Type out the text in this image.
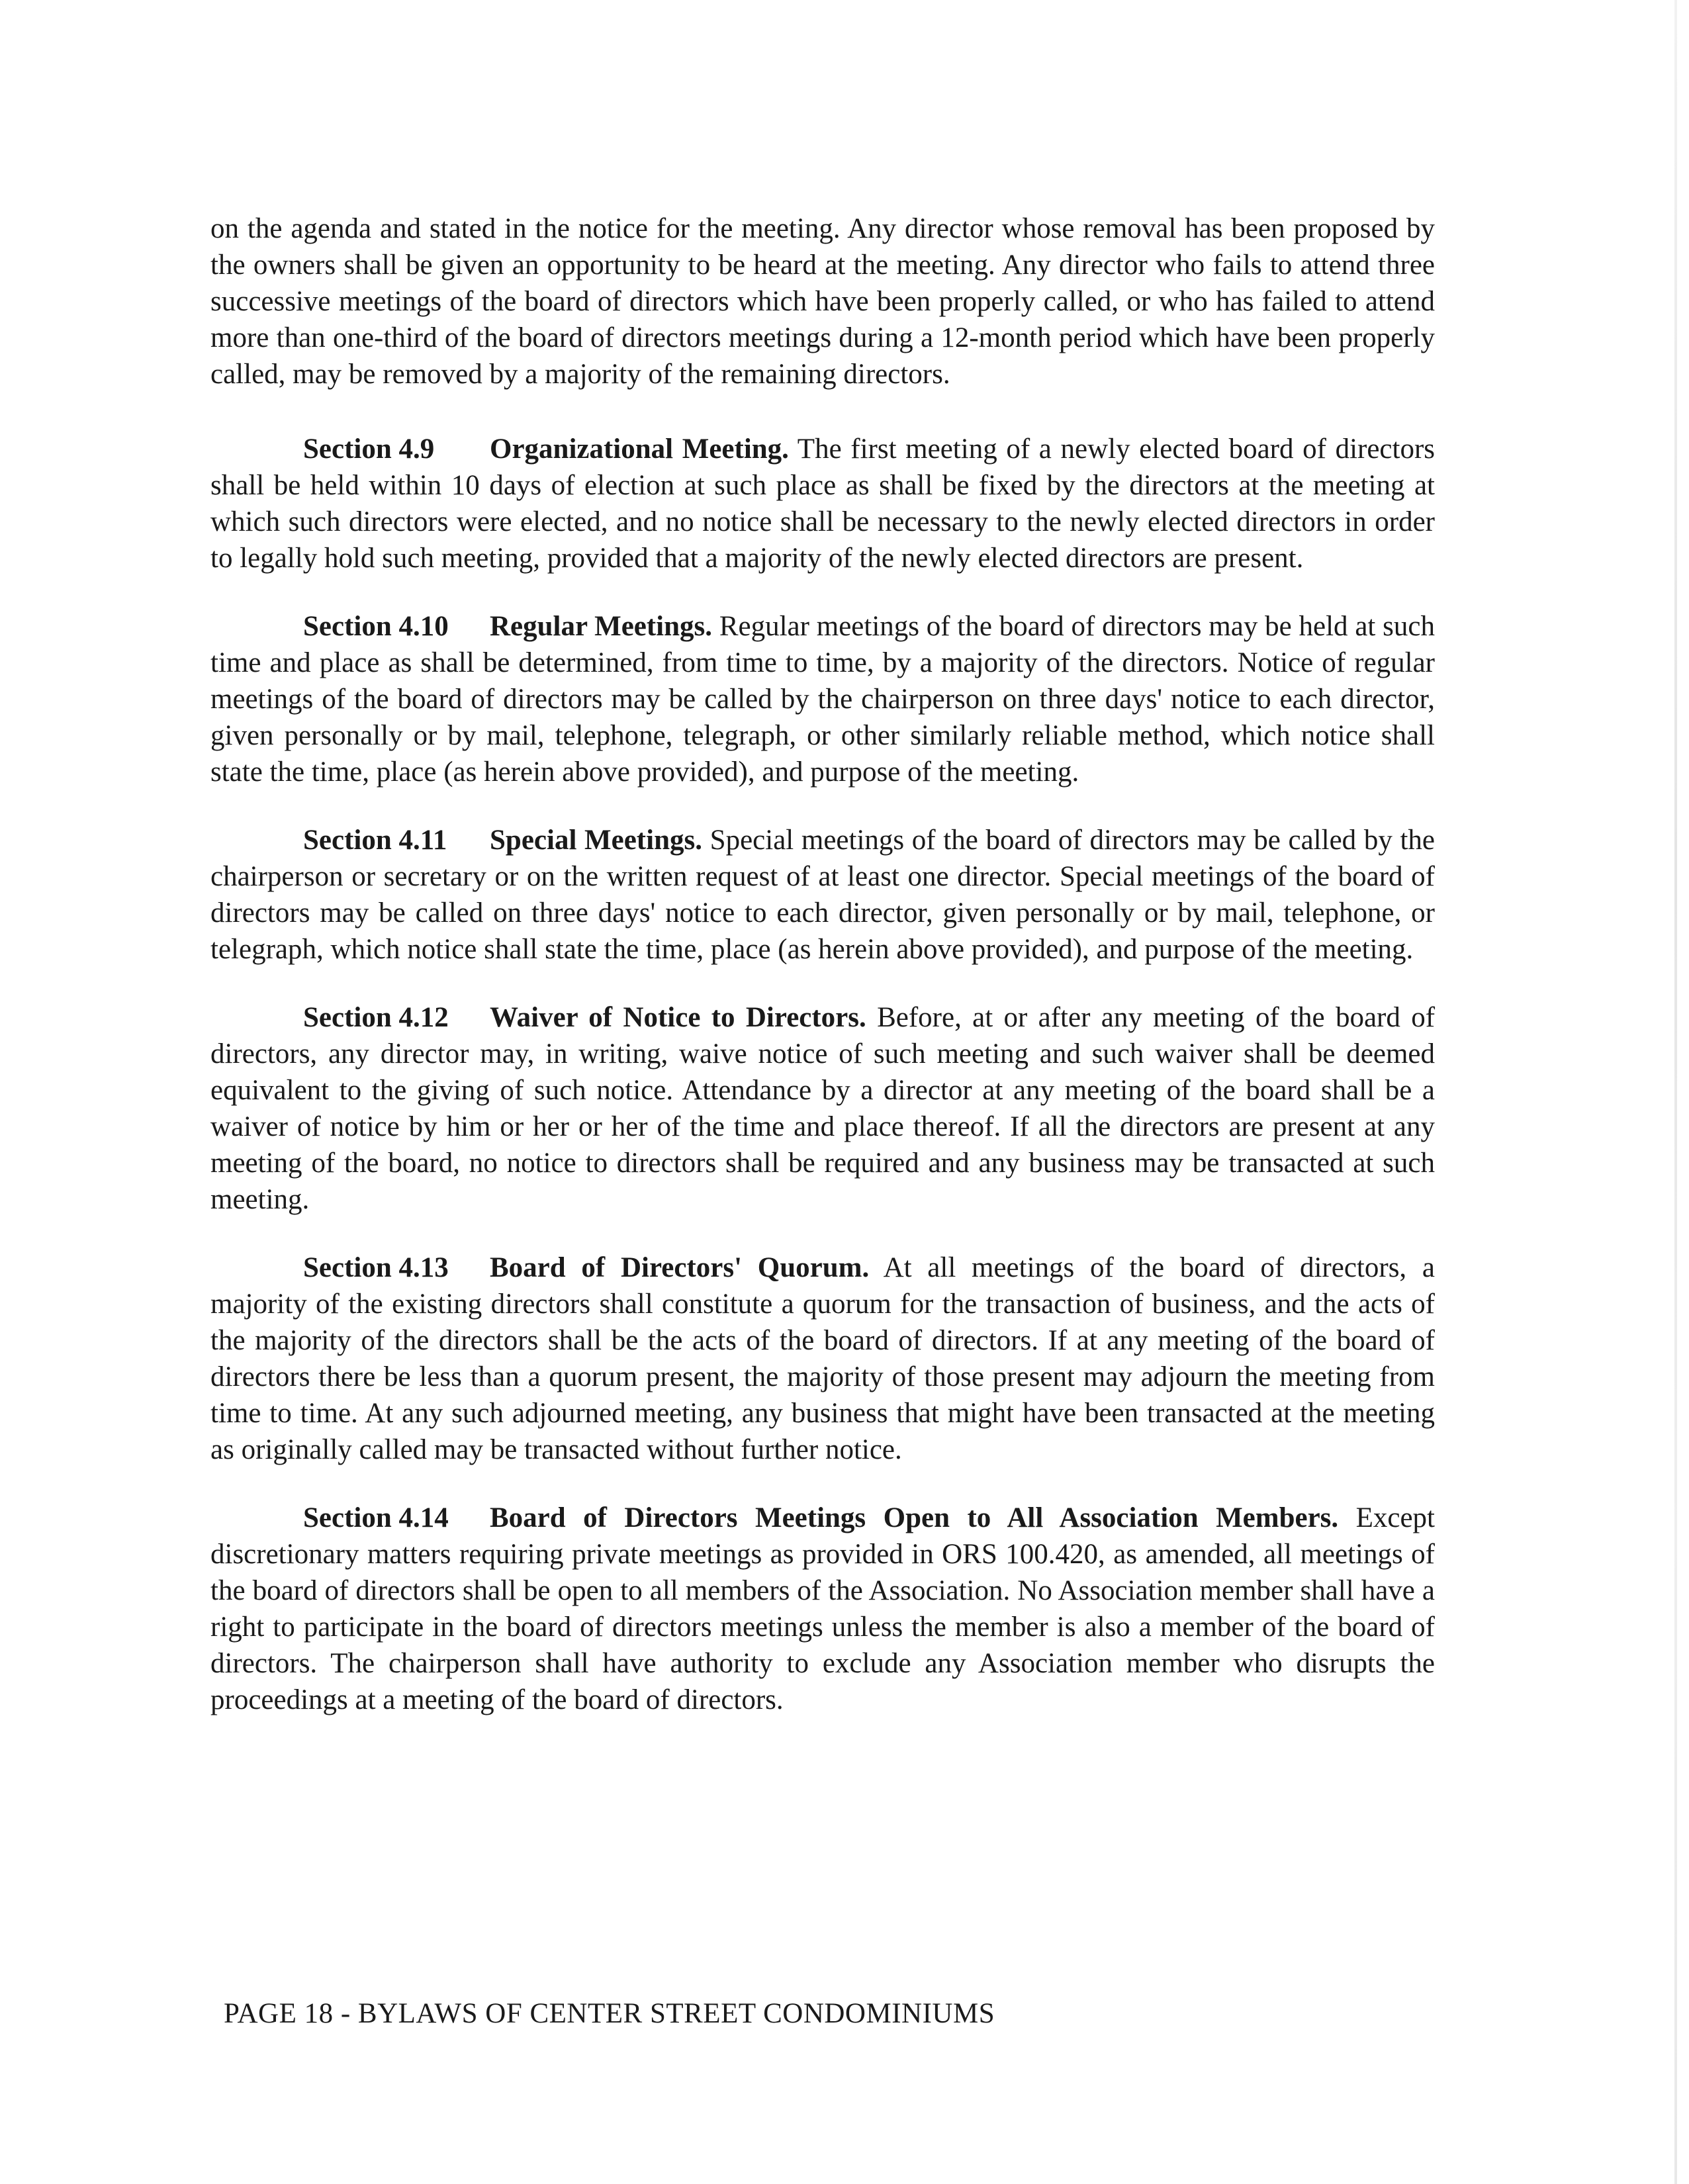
on the agenda and stated in the notice for the meeting. Any director whose removal has been proposed by the owners shall be given an opportunity to be heard at the meeting. Any director who fails to attend three successive meetings of the board of directors which have been properly called, or who has failed to attend more than one-third of the board of directors meetings during a 12-month period which have been properly called, may be removed by a majority of the remaining directors.

Section 4.9 Organizational Meeting. The first meeting of a newly elected board of directors shall be held within 10 days of election at such place as shall be fixed by the directors at the meeting at which such directors were elected, and no notice shall be necessary to the newly elected directors in order to legally hold such meeting, provided that a majority of the newly elected directors are present.

Section 4.10 Regular Meetings. Regular meetings of the board of directors may be held at such time and place as shall be determined, from time to time, by a majority of the directors. Notice of regular meetings of the board of directors may be called by the chairperson on three days' notice to each director, given personally or by mail, telephone, telegraph, or other similarly reliable method, which notice shall state the time, place (as herein above provided), and purpose of the meeting.

Section 4.11 Special Meetings. Special meetings of the board of directors may be called by the chairperson or secretary or on the written request of at least one director. Special meetings of the board of directors may be called on three days' notice to each director, given personally or by mail, telephone, or telegraph, which notice shall state the time, place (as herein above provided), and purpose of the meeting.

Section 4.12 Waiver of Notice to Directors. Before, at or after any meeting of the board of directors, any director may, in writing, waive notice of such meeting and such waiver shall be deemed equivalent to the giving of such notice. Attendance by a director at any meeting of the board shall be a waiver of notice by him or her or her of the time and place thereof. If all the directors are present at any meeting of the board, no notice to directors shall be required and any business may be transacted at such meeting.

Section 4.13 Board of Directors' Quorum. At all meetings of the board of directors, a majority of the existing directors shall constitute a quorum for the transaction of business, and the acts of the majority of the directors shall be the acts of the board of directors. If at any meeting of the board of directors there be less than a quorum present, the majority of those present may adjourn the meeting from time to time. At any such adjourned meeting, any business that might have been transacted at the meeting as originally called may be transacted without further notice.

Section 4.14 Board of Directors Meetings Open to All Association Members. Except discretionary matters requiring private meetings as provided in ORS 100.420, as amended, all meetings of the board of directors shall be open to all members of the Association. No Association member shall have a right to participate in the board of directors meetings unless the member is also a member of the board of directors. The chairperson shall have authority to exclude any Association member who disrupts the proceedings at a meeting of the board of directors.

PAGE 18 - BYLAWS OF CENTER STREET CONDOMINIUMS
